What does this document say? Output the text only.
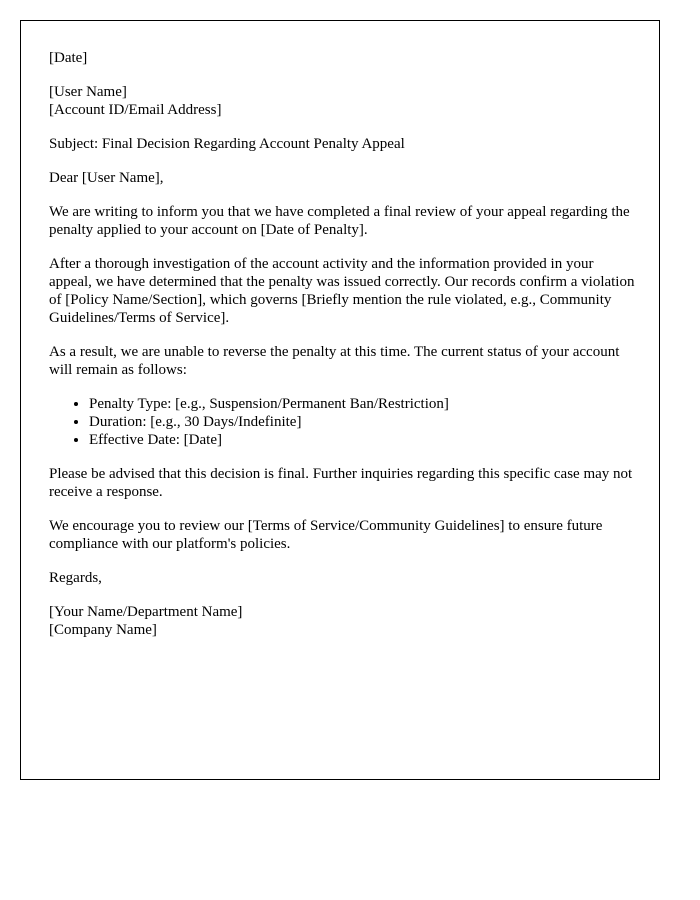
[Date]

[User Name]
[Account ID/Email Address]

Subject: Final Decision Regarding Account Penalty Appeal

Dear [User Name],

We are writing to inform you that we have completed a final review of your appeal regarding the penalty applied to your account on [Date of Penalty].

After a thorough investigation of the account activity and the information provided in your appeal, we have determined that the penalty was issued correctly. Our records confirm a violation of [Policy Name/Section], which governs [Briefly mention the rule violated, e.g., Community Guidelines/Terms of Service].

As a result, we are unable to reverse the penalty at this time. The current status of your account will remain as follows:

• Penalty Type: [e.g., Suspension/Permanent Ban/Restriction]
• Duration: [e.g., 30 Days/Indefinite]
• Effective Date: [Date]

Please be advised that this decision is final. Further inquiries regarding this specific case may not receive a response.

We encourage you to review our [Terms of Service/Community Guidelines] to ensure future compliance with our platform's policies.

Regards,

[Your Name/Department Name]
[Company Name]
